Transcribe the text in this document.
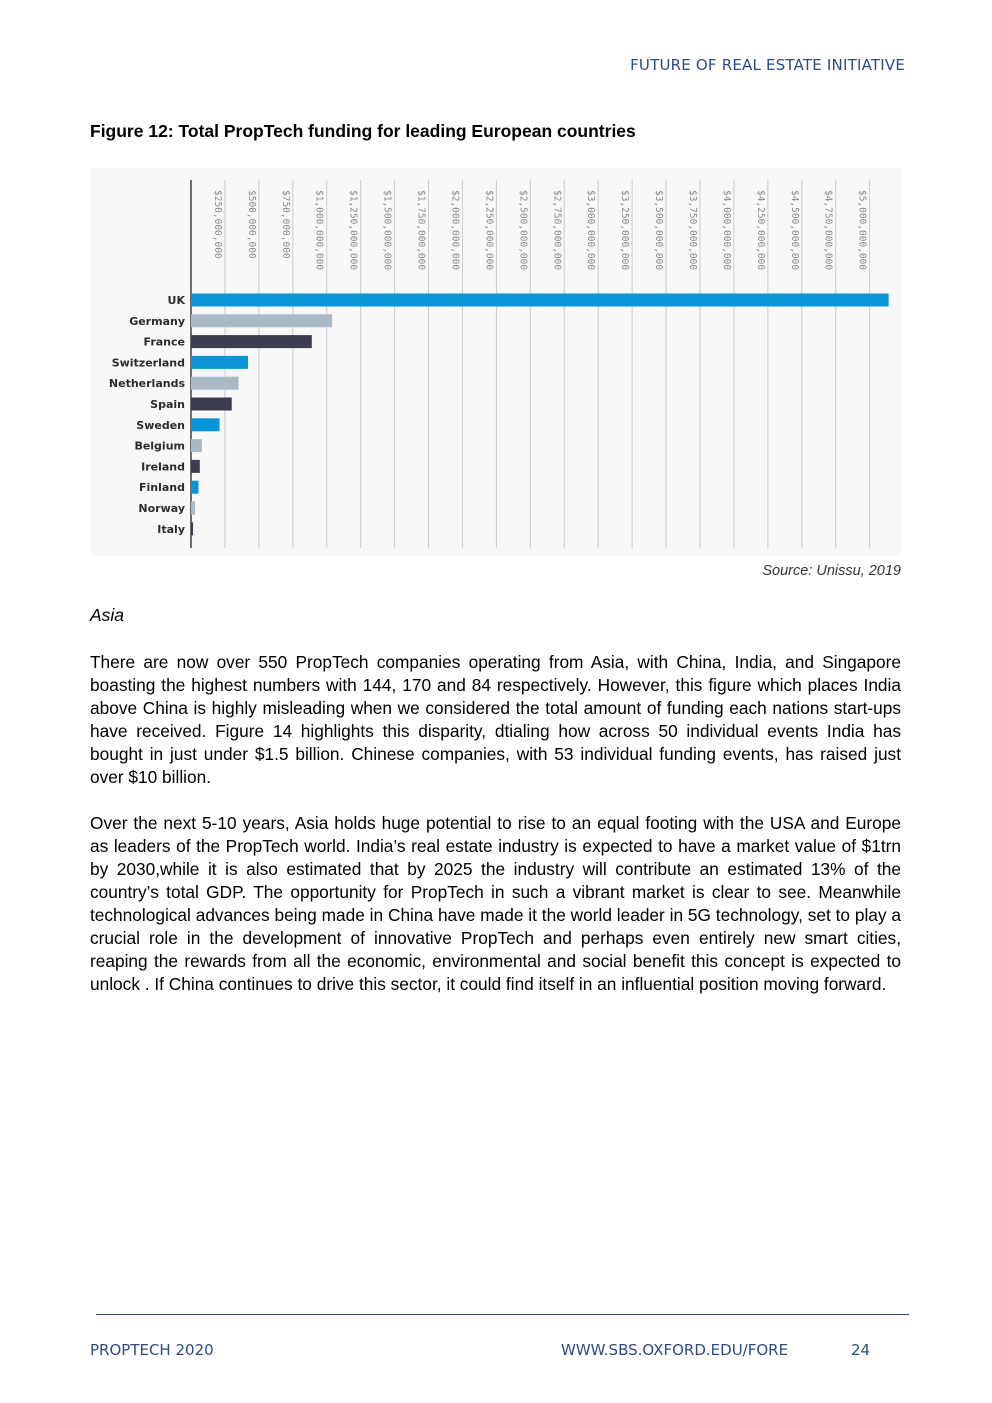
FUTURE OF REAL ESTATE INITIATIVE
Figure 12: Total PropTech funding for leading European countries
$250,000,000 $500,000,000 $750,000,000 $1,000,000,000 $1,250,000,000 $1,500,000,000 $1,750,000,000 $2,000,000,000 $2,250,000,000 $2,500,000,000 $2,750,000,000 $3,000,000,000 $3,250,000,000 $3,500,000,000 $3,750,000,000 $4,000,000,000 $4,250,000,000 $4,500,000,000 $4,750,000,000 $5,000,000,000
UK
Germany
France
Switzerland
Netherlands
Spain
Sweden
Belgium
Ireland
Finland
Norway
Italy
Source: Unissu, 2019
Asia

There are now over 550 PropTech companies operating from Asia, with China, India, and Singapore boasting the highest numbers with 144, 170 and 84 respectively. However, this figure which places India above China is highly misleading when we considered the total amount of funding each nations start-ups have received. Figure 14 highlights this disparity, dtialing how across 50 individual events India has bought in just under $1.5 billion. Chinese companies, with 53 individual funding events, has raised just over $10 billion.

Over the next 5-10 years, Asia holds huge potential to rise to an equal footing with the USA and Europe as leaders of the PropTech world. India’s real estate industry is expected to have a market value of $1trn by 2030,while it is also estimated that by 2025 the industry will contribute an estimated 13% of the country’s total GDP. The opportunity for PropTech in such a vibrant market is clear to see. Meanwhile technological advances being made in China have made it the world leader in 5G technology, set to play a crucial role in the development of innovative PropTech and perhaps even entirely new smart cities, reaping the rewards from all the economic, environmental and social benefit this concept is expected to unlock . If China continues to drive this sector, it could find itself in an influential position moving forward.

PROPTECH 2020	WWW.SBS.OXFORD.EDU/FORE	24
